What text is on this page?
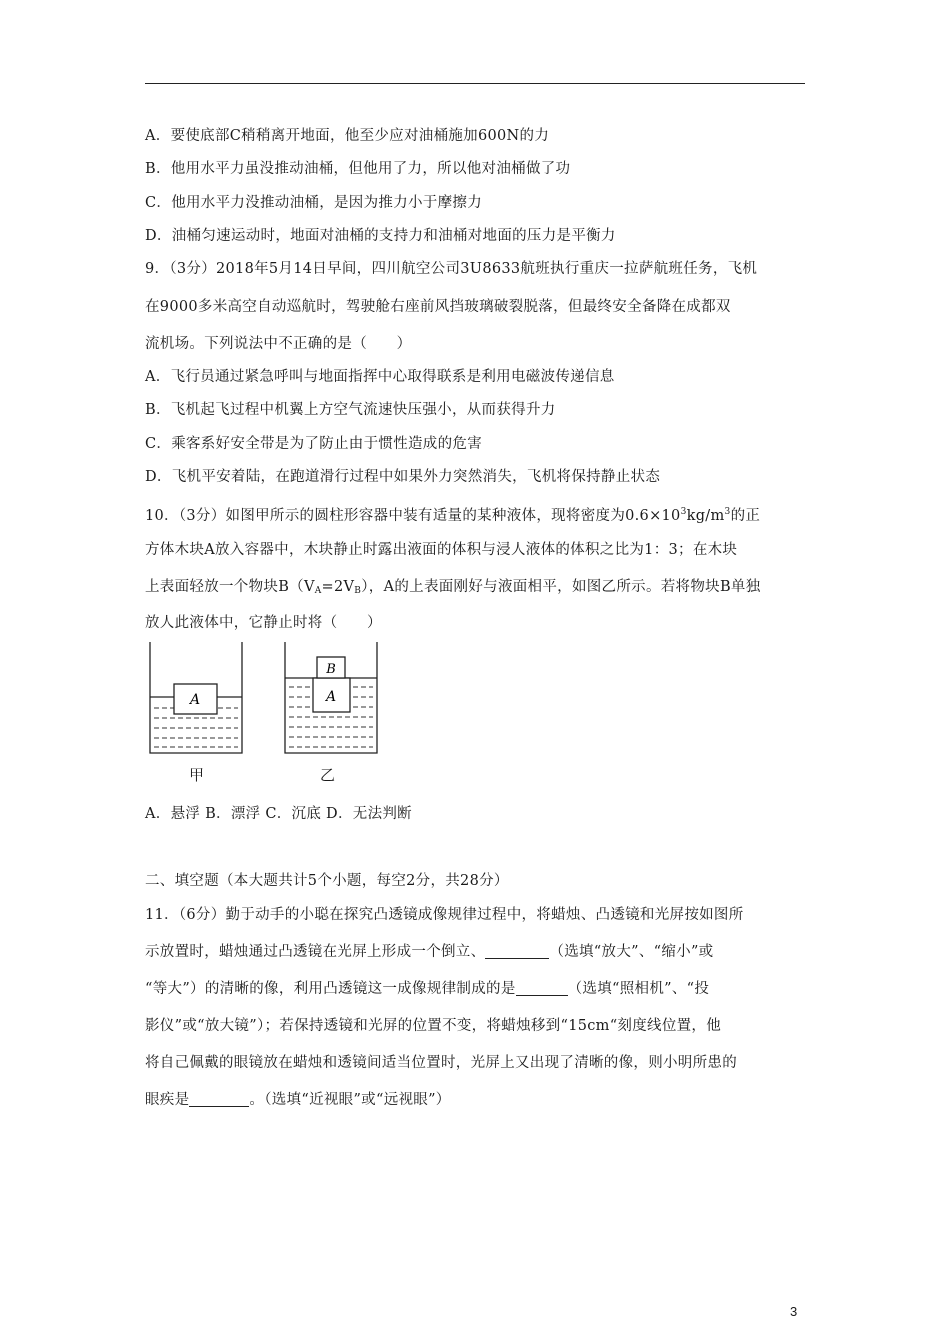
A．要使底部C稍稍离开地面，他至少应对油桶施加600N的力
B．他用水平力虽没推动油桶，但他用了力，所以他对油桶做了功
C．他用水平力没推动油桶，是因为推力小于摩擦力
D．油桶匀速运动时，地面对油桶的支持力和油桶对地面的压力是平衡力
9．（3分）2018年5月14日早间，四川航空公司3U8633航班执行重庆一拉萨航班任务，飞机
在9000多米高空自动巡航时，驾驶舱右座前风挡玻璃破裂脱落，但最终安全备降在成都双
流机场。下列说法中不正确的是（　　）
A．飞行员通过紧急呼叫与地面指挥中心取得联系是利用电磁波传递信息
B．飞机起飞过程中机翼上方空气流速快压强小，从而获得升力
C．乘客系好安全带是为了防止由于惯性造成的危害
D．飞机平安着陆，在跑道滑行过程中如果外力突然消失，飞机将保持静止状态
10．（3分）如图甲所示的圆柱形容器中装有适量的某种液体，现将密度为$0.6\times 10^3kg/m^3$的正
方体木块A放入容器中，木块静止时露出液面的体积与浸人液体的体积之比为1：3；在木块
上表面轻放一个物块$B(V_A=2V_B)$，A的上表面刚好与液面相平，如图乙所示。若将物块B单独
放人此液体中，它静止时将（　　）
A	A
B
甲	乙
A．悬浮 B．漂浮 C．沉底 D．无法判断
二、填空题（本大题共计5个小题，每空2分，共28分）
11．（6分）勤于动手的小聪在探究凸透镜成像规律过程中，将蜡烛、凸透镜和光屏按如图所
示放置时，蜡烛通过凸透镜在光屏上形成一个倒立、	（选填“放大”、“缩小”或
“等大”）的清晰的像，利用凸透镜这一成像规律制成的是	（选填“照相机”、“投
影仪”或“放大镜”）；若保持透镜和光屏的位置不变，将蜡烛移到“15cm“刻度线位置，他
将自己佩戴的眼镜放在蜡烛和透镜间适当位置时，光屏上又出现了清晰的像，则小明所患的
眼疾是	。（选填“近视眼”或“远视眼”）
3
